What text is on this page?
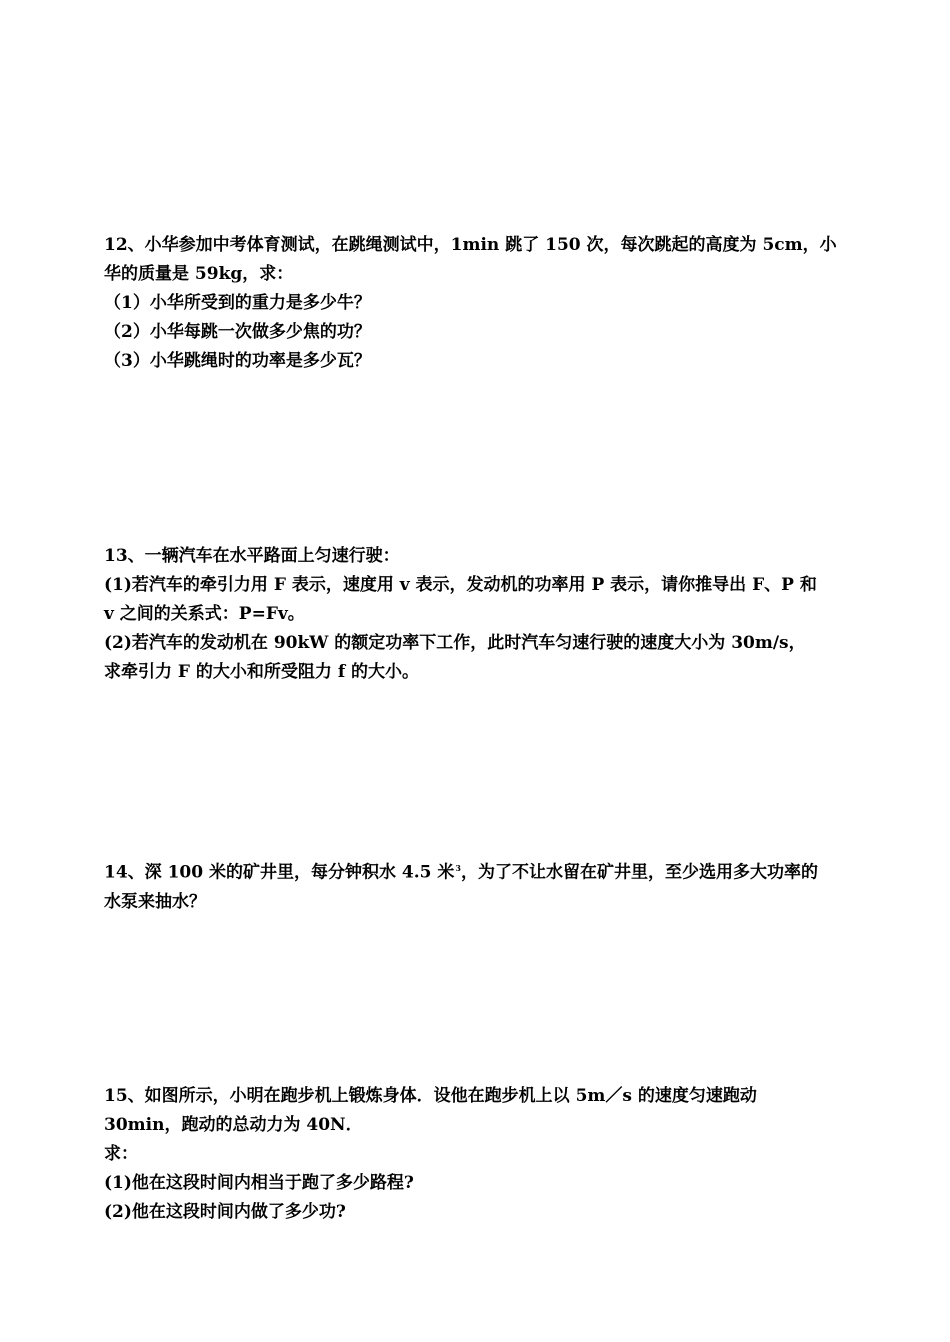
12、小华参加中考体育测试，在跳绳测试中，1min 跳了 150 次，每次跳起的高度为 5cm，小
华的质量是 59kg，求：
（1）小华所受到的重力是多少牛？
（2）小华每跳一次做多少焦的功？
（3）小华跳绳时的功率是多少瓦？
13、一辆汽车在水平路面上匀速行驶：
(1)若汽车的牵引力用 F 表示，速度用 v 表示，发动机的功率用 P 表示，请你推导出 F、P 和
v 之间的关系式：P=Fv。
(2)若汽车的发动机在 90kW 的额定功率下工作，此时汽车匀速行驶的速度大小为 30m/s，
求牵引力 F 的大小和所受阻力 f 的大小。
14、深 100 米的矿井里，每分钟积水 4.5 米$^3$，为了不让水留在矿井里，至少选用多大功率的
水泵来抽水？
15、如图所示，小明在跑步机上锻炼身体．设他在跑步机上以 5m／s 的速度匀速跑动
30min，跑动的总动力为 40N．
求：
(1)他在这段时间内相当于跑了多少路程?
(2)他在这段时间内做了多少功?
